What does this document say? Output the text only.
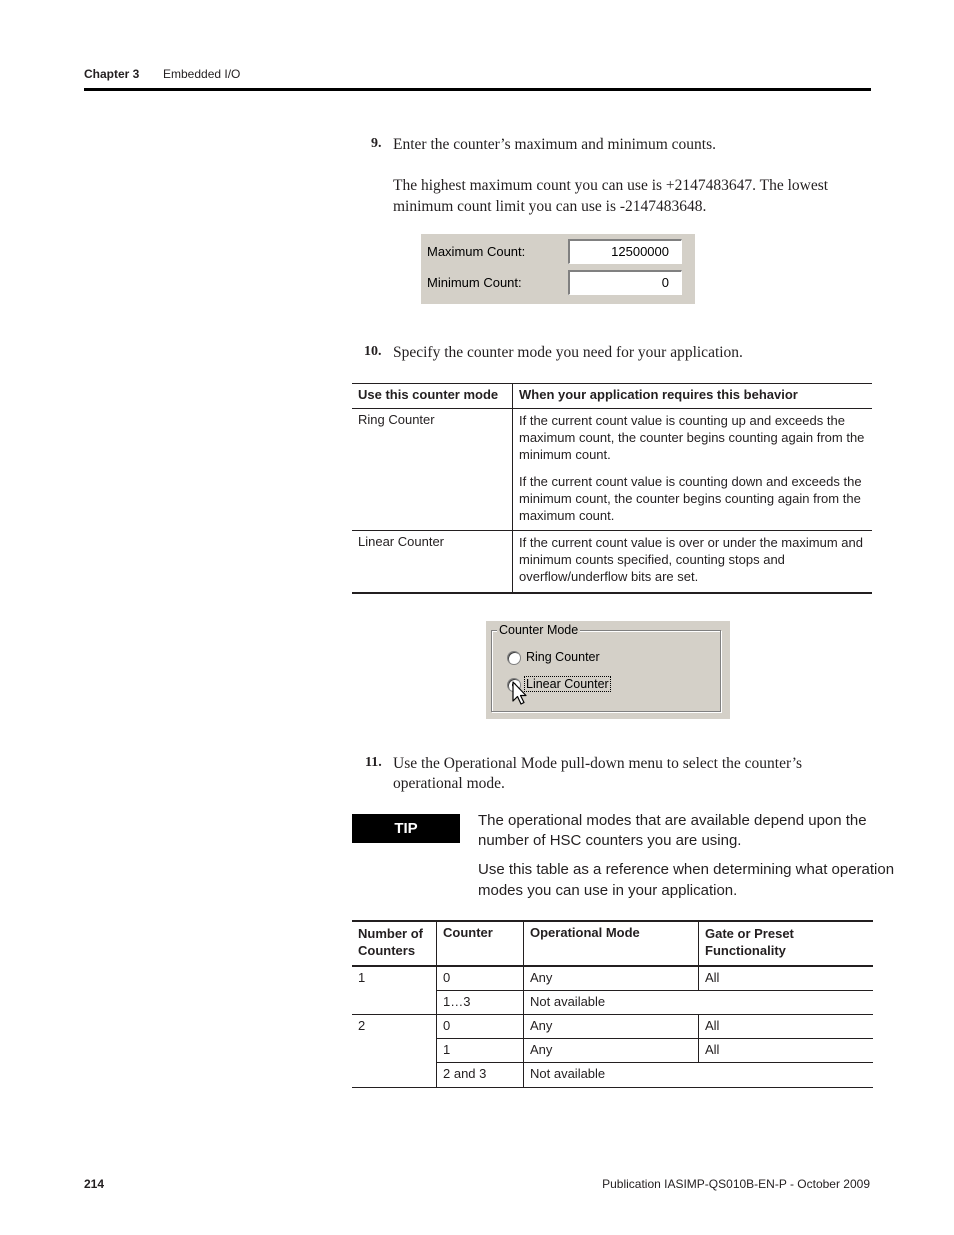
Chapter 3 Embedded I/O
9. Enter the counter’s maximum and minimum counts.
The highest maximum count you can use is +2147483647. The lowest
minimum count limit you can use is -2147483648.
Maximum Count:	12500000
Minimum Count:	0
10. Specify the counter mode you need for your application.
Use this counter mode	When your application requires this behavior
Ring Counter	If the current count value is counting up and exceeds the maximum count, the counter begins counting again from the minimum count.
If the current count value is counting down and exceeds the minimum count, the counter begins counting again from the maximum count.

Linear Counter	If the current count value is over or under the maximum and minimum counts specified, counting stops and overflow/underflow bits are set.
Counter Mode
Ring Counter
Linear Counter
11. Use the Operational Mode pull-down menu to select the counter’s
operational mode.
TIP	The operational modes that are available depend upon the
number of HSC counters you are using.
Use this table as a reference when determining what operation
modes you can use in your application.
Number of Counters	Counter	Operational Mode	Gate or Preset Functionality
1	0	Any	All
	1…3	Not available	
2	0	Any	All
	1	Any	All
	2 and 3	Not available	
214	Publication IASIMP-QS010B-EN-P - October 2009
